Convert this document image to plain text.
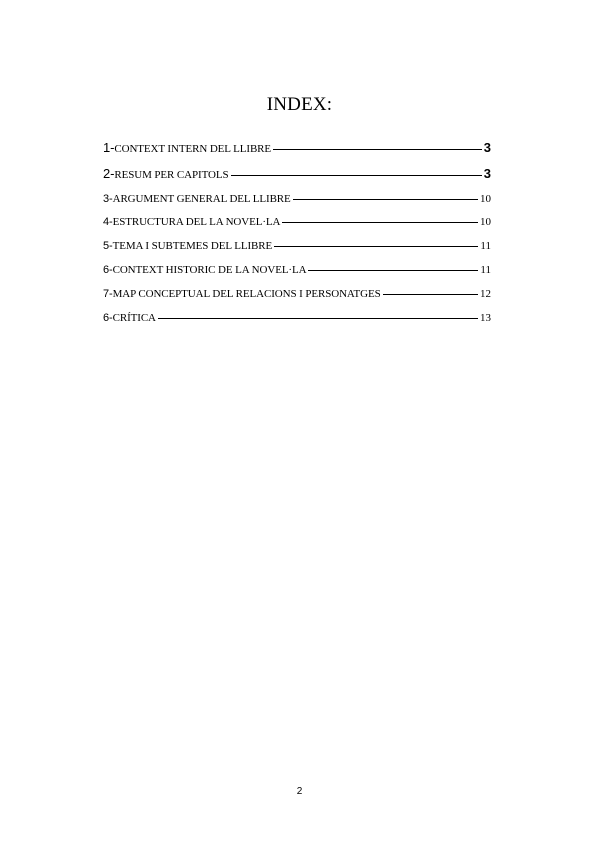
INDEX:
1-CONTEXT INTERN DEL LLIBRE	3
2-RESUM PER CAPITOLS	3
3-ARGUMENT GENERAL DEL LLIBRE	10
4-ESTRUCTURA DEL LA NOVEL·LA	10
5-TEMA I SUBTEMES DEL LLIBRE	11
6-CONTEXT HISTORIC DE LA NOVEL·LA	11
7-MAP CONCEPTUAL DEL RELACIONS I PERSONATGES	12
6-CRÍTICA	13
2
